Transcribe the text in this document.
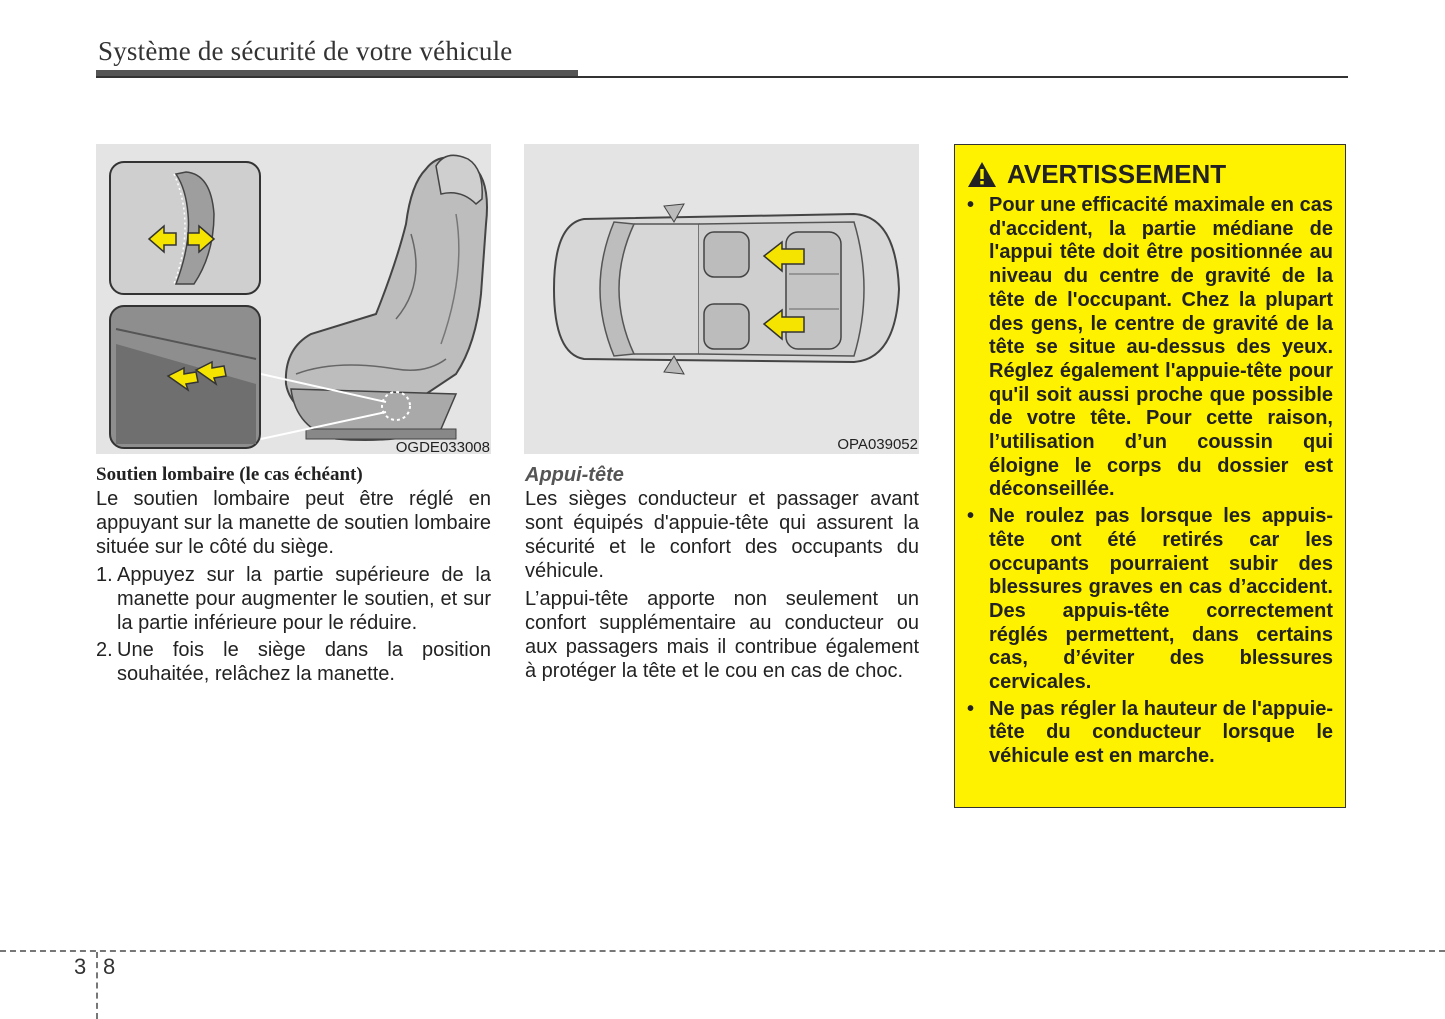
Système de sécurité de votre véhicule
OGDE033008	OPA039052

Soutien lombaire (le cas échéant)

Le soutien lombaire peut être réglé en appuyant sur la manette de soutien lombaire située sur le côté du siège.

1. Appuyez sur la partie supérieure de la manette pour augmenter le soutien, et sur la partie inférieure pour le réduire.
2. Une fois le siège dans la position souhaitée, relâchez la manette.

Appui-tête

Les sièges conducteur et passager avant sont équipés d'appuie-tête qui assurent la sécurité et le confort des occupants du véhicule.

L’appui-tête apporte non seulement un confort supplémentaire au conducteur ou aux passagers mais il contribue également à protéger la tête et le cou en cas de choc.

AVERTISSEMENT
• Pour une efficacité maximale en cas d'accident, la partie médiane de l'appui tête doit être positionnée au niveau du centre de gravité de la tête de l'occupant. Chez la plupart des gens, le centre de gravité de la tête se situe au-dessus des yeux. Réglez également l'appuie-tête pour qu'il soit aussi proche que possible de votre tête. Pour cette raison, l’utilisation d’un coussin qui éloigne le corps du dossier est déconseillée.
• Ne roulez pas lorsque les appuis-tête ont été retirés car les occupants pourraient subir des blessures graves en cas d’accident. Des appuis-tête correctement réglés permettent, dans certains cas, d’éviter des blessures cervicales.
• Ne pas régler la hauteur de l'appuie-tête du conducteur lorsque le véhicule est en marche.
3 8
